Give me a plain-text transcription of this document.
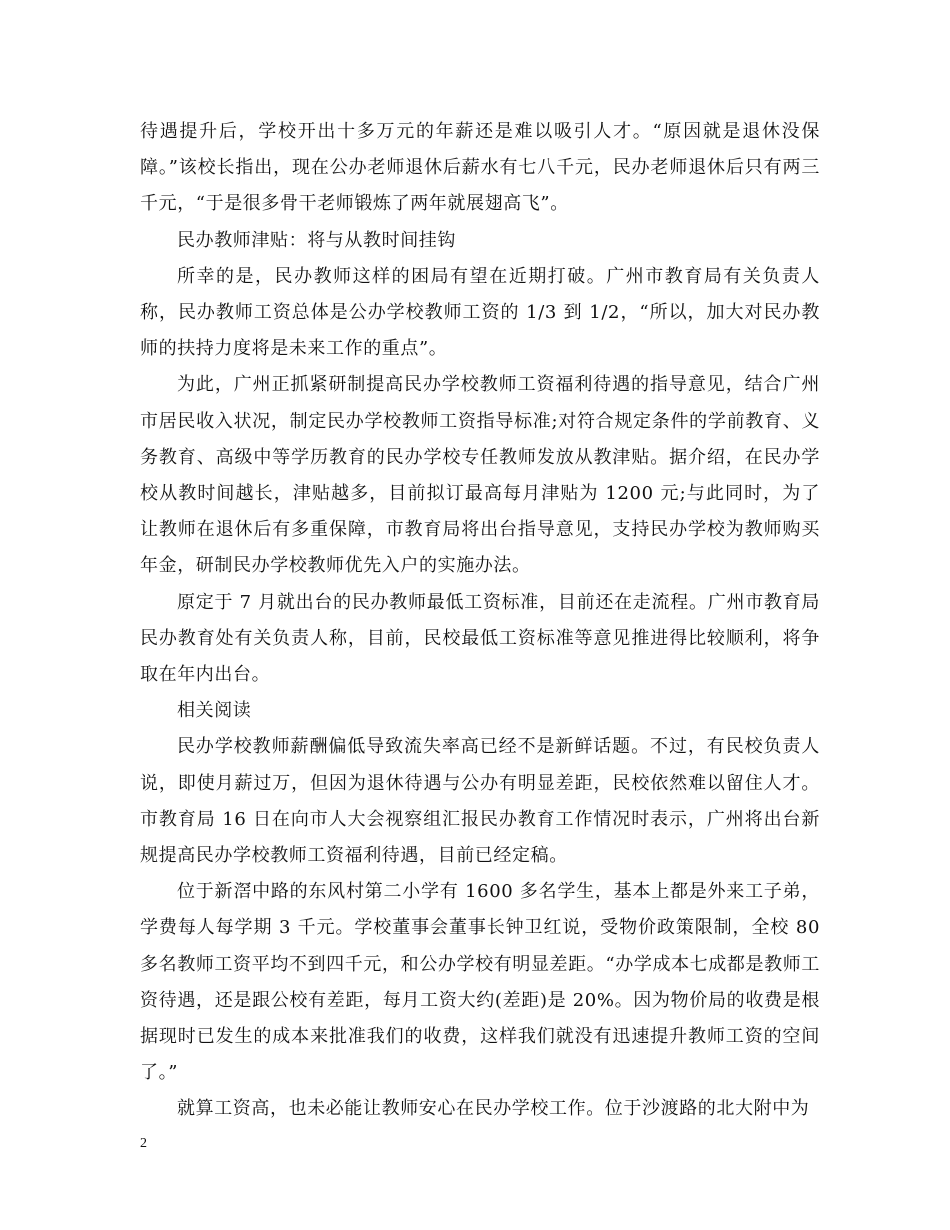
待遇提升后，学校开出十多万元的年薪还是难以吸引人才。“原因就是退休没保障。”该校长指出，现在公办老师退休后薪水有七八千元，民办老师退休后只有两三千元，“于是很多骨干老师锻炼了两年就展翅高飞”。

民办教师津贴：将与从教时间挂钩

所幸的是，民办教师这样的困局有望在近期打破。广州市教育局有关负责人称，民办教师工资总体是公办学校教师工资的 1/3 到 1/2，“所以，加大对民办教师的扶持力度将是未来工作的重点”。

为此，广州正抓紧研制提高民办学校教师工资福利待遇的指导意见，结合广州市居民收入状况，制定民办学校教师工资指导标准;对符合规定条件的学前教育、义务教育、高级中等学历教育的民办学校专任教师发放从教津贴。据介绍，在民办学校从教时间越长，津贴越多，目前拟订最高每月津贴为 1200 元;与此同时，为了让教师在退休后有多重保障，市教育局将出台指导意见，支持民办学校为教师购买年金，研制民办学校教师优先入户的实施办法。

原定于 7 月就出台的民办教师最低工资标准，目前还在走流程。广州市教育局民办教育处有关负责人称，目前，民校最低工资标准等意见推进得比较顺利，将争取在年内出台。

相关阅读

民办学校教师薪酬偏低导致流失率高已经不是新鲜话题。不过，有民校负责人说，即使月薪过万，但因为退休待遇与公办有明显差距，民校依然难以留住人才。市教育局 16 日在向市人大会视察组汇报民办教育工作情况时表示，广州将出台新规提高民办学校教师工资福利待遇，目前已经定稿。

位于新滘中路的东风村第二小学有 1600 多名学生，基本上都是外来工子弟，学费每人每学期 3 千元。学校董事会董事长钟卫红说，受物价政策限制，全校 80 多名教师工资平均不到四千元，和公办学校有明显差距。“办学成本七成都是教师工资待遇，还是跟公校有差距，每月工资大约(差距)是 20%。因为物价局的收费是根据现时已发生的成本来批准我们的收费，这样我们就没有迅速提升教师工资的空间了。”

就算工资高，也未必能让教师安心在民办学校工作。位于沙渡路的北大附中为

2
